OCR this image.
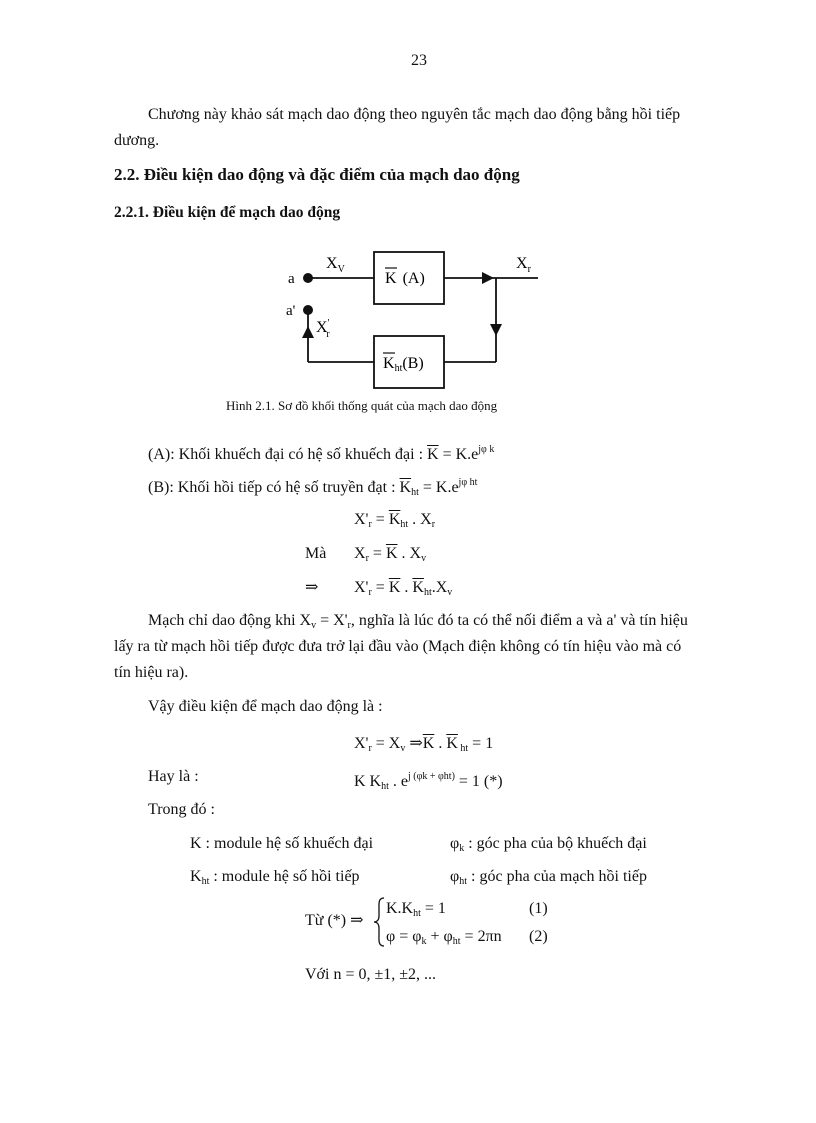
23
Chương này khảo sát mạch dao động theo nguyên tắc mạch dao động bằng hồi tiếp
dương.
2.2. Điều kiện dao động và đặc điểm của mạch dao động
2.2.1. Điều kiện để mạch dao động
a
a'
$X_V$	$X_r$
X' r
K (A)
Kht(B)
Hình 2.1. Sơ đồ khối thống quát của mạch dao động
(A): Khối khuếch đại có hệ số khuếch đại : $\overline{K} = K.e^{j\varphi k}$
(B): Khối hồi tiếp có hệ số truyền đạt : $\overline{K}_{ht} = K.e^{j\varphi ht}$
$X'_r = \overline{K}_{ht}$ . $X_r$
Mà $X_r = \overline{K}$ . $X_v$
⇒ $X'_r = \overline{K}$ . $\overline{K}_{ht}.X_v$
Mạch chỉ dao động khi $X_v = X'_r$, nghĩa là lúc đó ta có thể nối điểm a và a' và tín hiệu
lấy ra từ mạch hồi tiếp được đưa trở lại đầu vào (Mạch điện không có tín hiệu vào mà có
tín hiệu ra).
Vậy điều kiện để mạch dao động là :
$X'_r = X_v$ $\Rightarrow\overline{K}$ . $\overline{K}$ $_{ht}$ = 1
Hay là :	K $K_{ht}$ . $e^{j (\varphi k + \varphi ht)} = 1$ (*)
Trong đó :
K : module hệ số khuếch đại	$\varphi_k$ : góc pha của bộ khuếch đại
$K_{ht}$ : module hệ số hồi tiếp	$\varphi_{ht}$ : góc pha của mạch hồi tiếp
Từ (*) ⇒
$K.K_{ht} = 1$	(1)
$\varphi = \varphi_k + \varphi_{ht} = 2\pi n$ (2)
Với n = 0, ±1, ±2, ...
